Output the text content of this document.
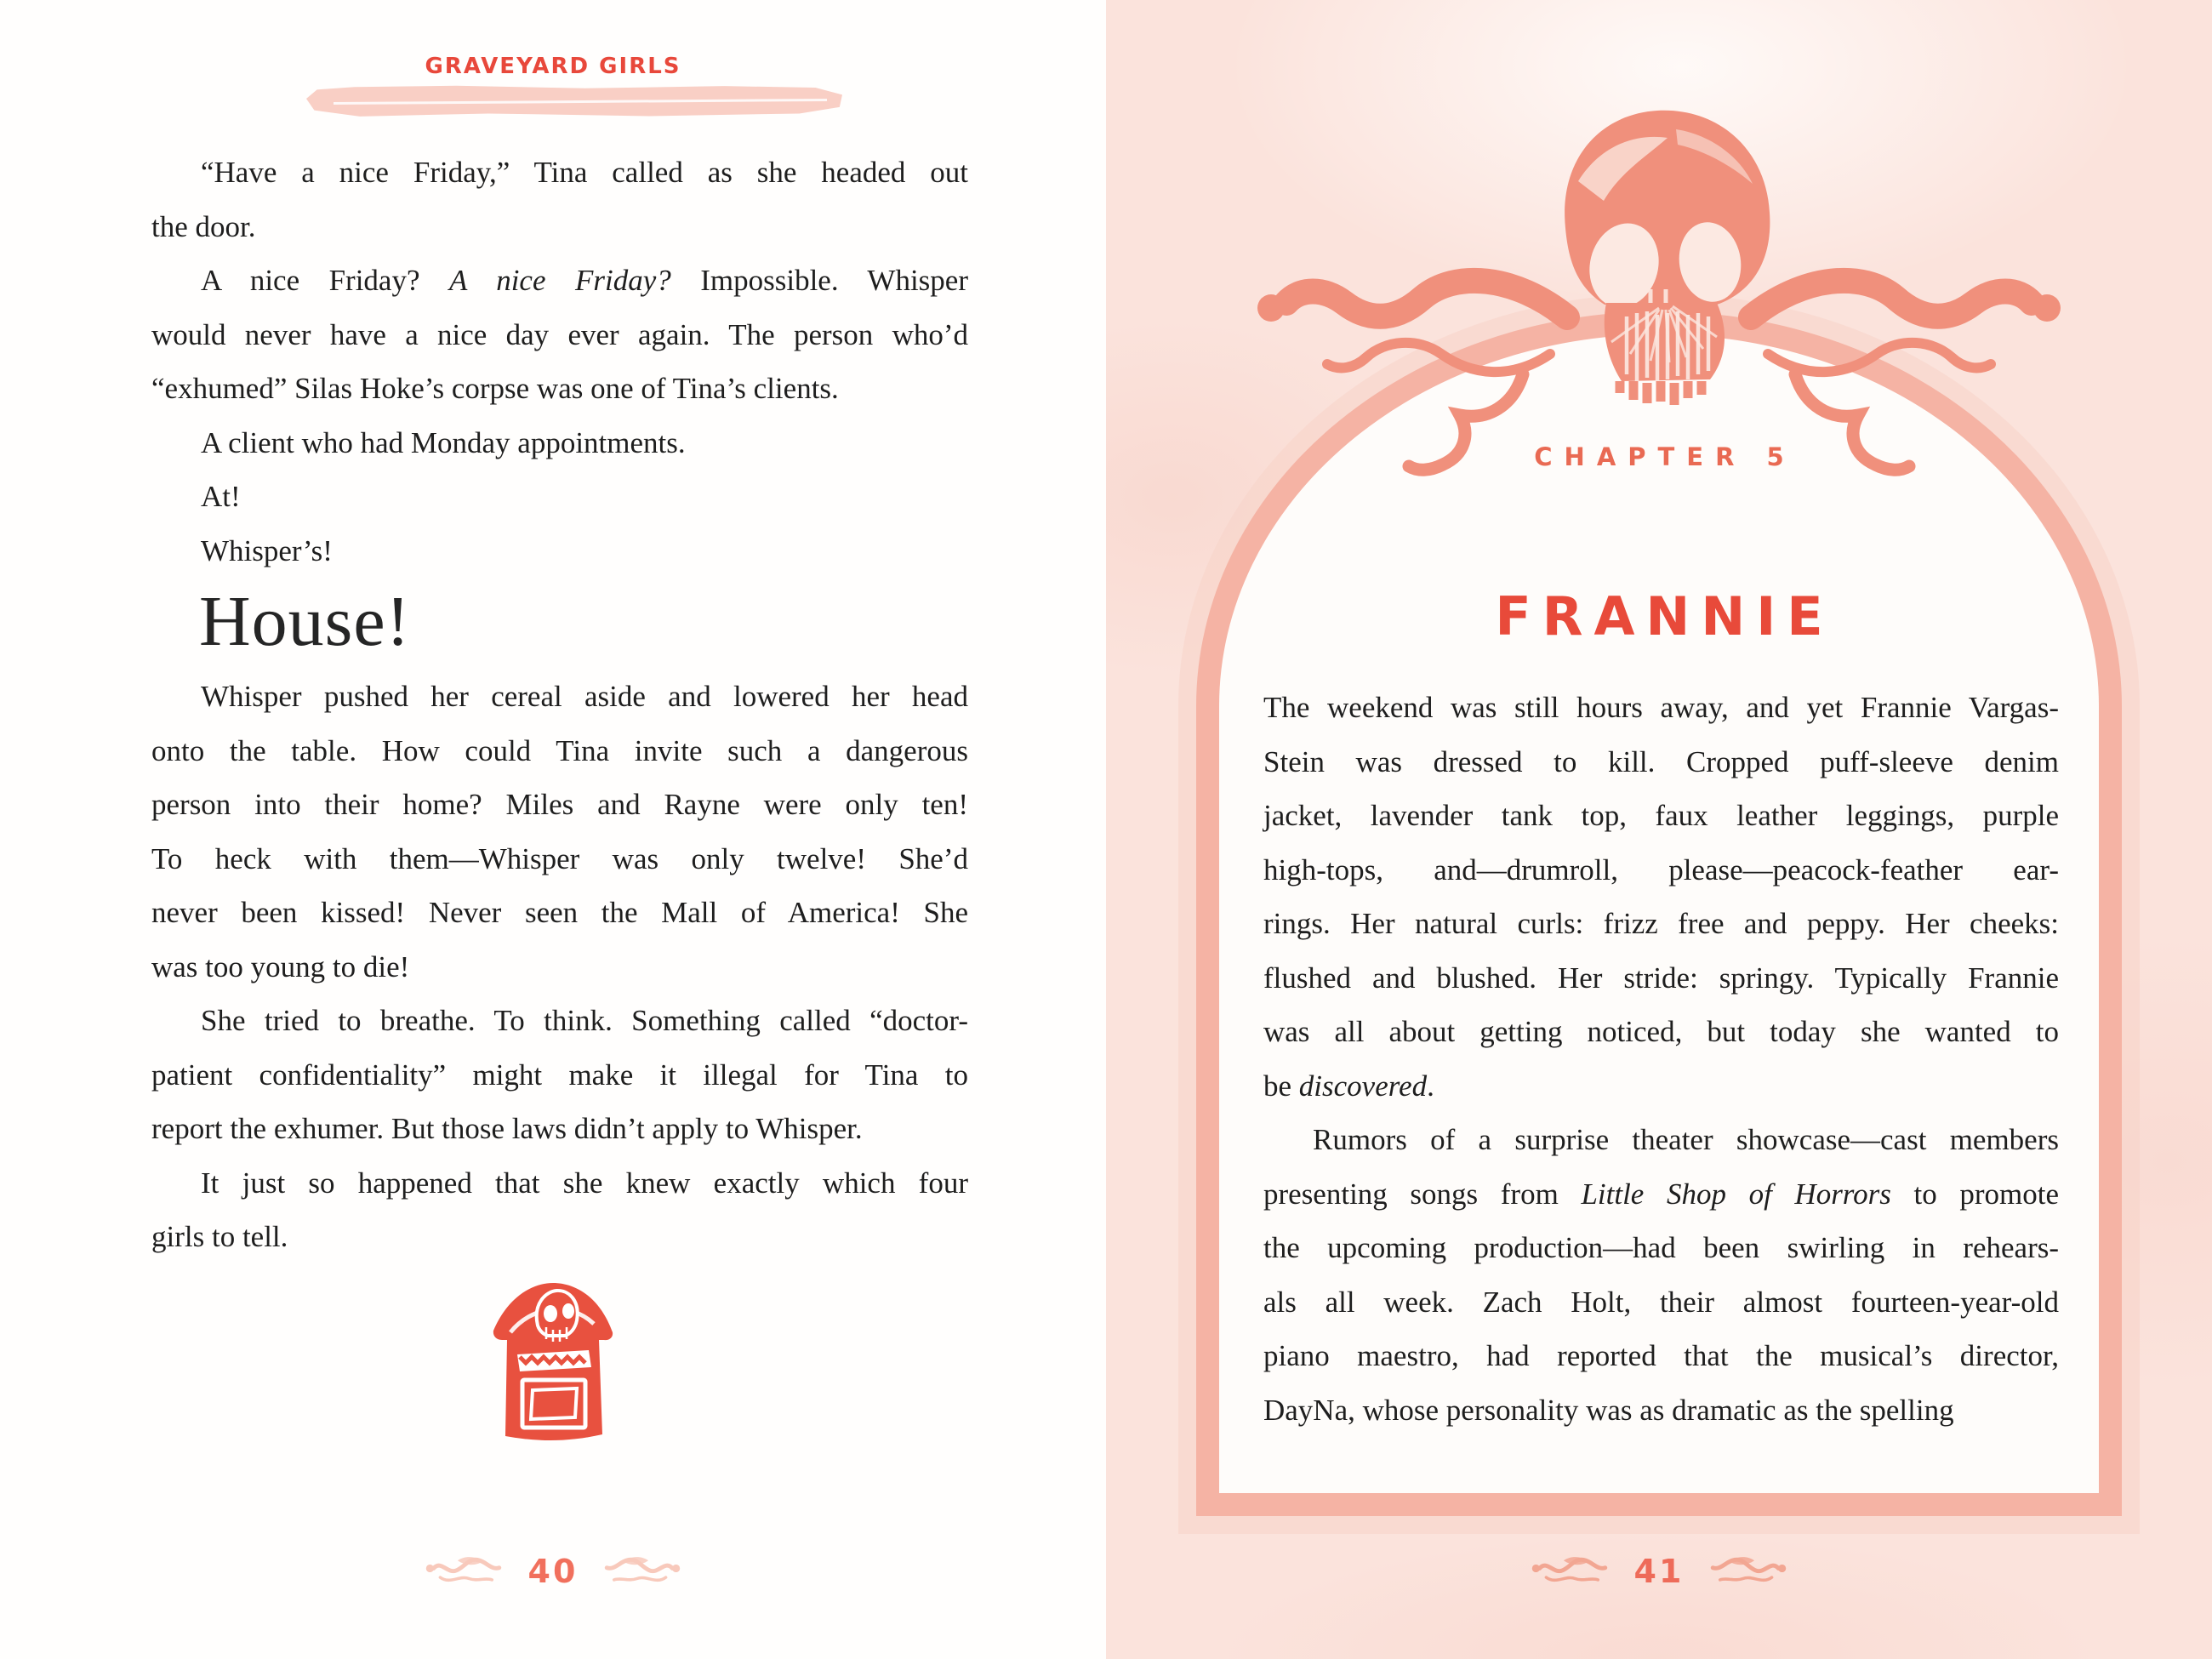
GRAVEYARD GIRLS
“Have a nice Friday,” Tina called as she headed out
the door.
A nice Friday? A nice Friday? Impossible. Whisper
would never have a nice day ever again. The person who’d
“exhumed” Silas Hoke’s corpse was one of Tina’s clients.
A client who had Monday appointments.
At!
Whisper’s!
House!
Whisper pushed her cereal aside and lowered her head
onto the table. How could Tina invite such a dangerous
person into their home? Miles and Rayne were only ten!
To heck with them—Whisper was only twelve! She’d
never been kissed! Never seen the Mall of America! She
was too young to die!
She tried to breathe. To think. Something called “doctor-
patient confidentiality” might make it illegal for Tina to
report the exhumer. But those laws didn’t apply to Whisper.
It just so happened that she knew exactly which four
girls to tell.
40
CHAPTER 5
FRANNIE
The weekend was still hours away, and yet Frannie Vargas-
Stein was dressed to kill. Cropped puff-sleeve denim
jacket, lavender tank top, faux leather leggings, purple
high-tops, and—drumroll, please—peacock-feather ear-
rings. Her natural curls: frizz free and peppy. Her cheeks:
flushed and blushed. Her stride: springy. Typically Frannie
was all about getting noticed, but today she wanted to
be discovered.
Rumors of a surprise theater showcase—cast members
presenting songs from Little Shop of Horrors to promote
the upcoming production—had been swirling in rehears-
als all week. Zach Holt, their almost fourteen-year-old
piano maestro, had reported that the musical’s director,
DayNa, whose personality was as dramatic as the spelling
41
